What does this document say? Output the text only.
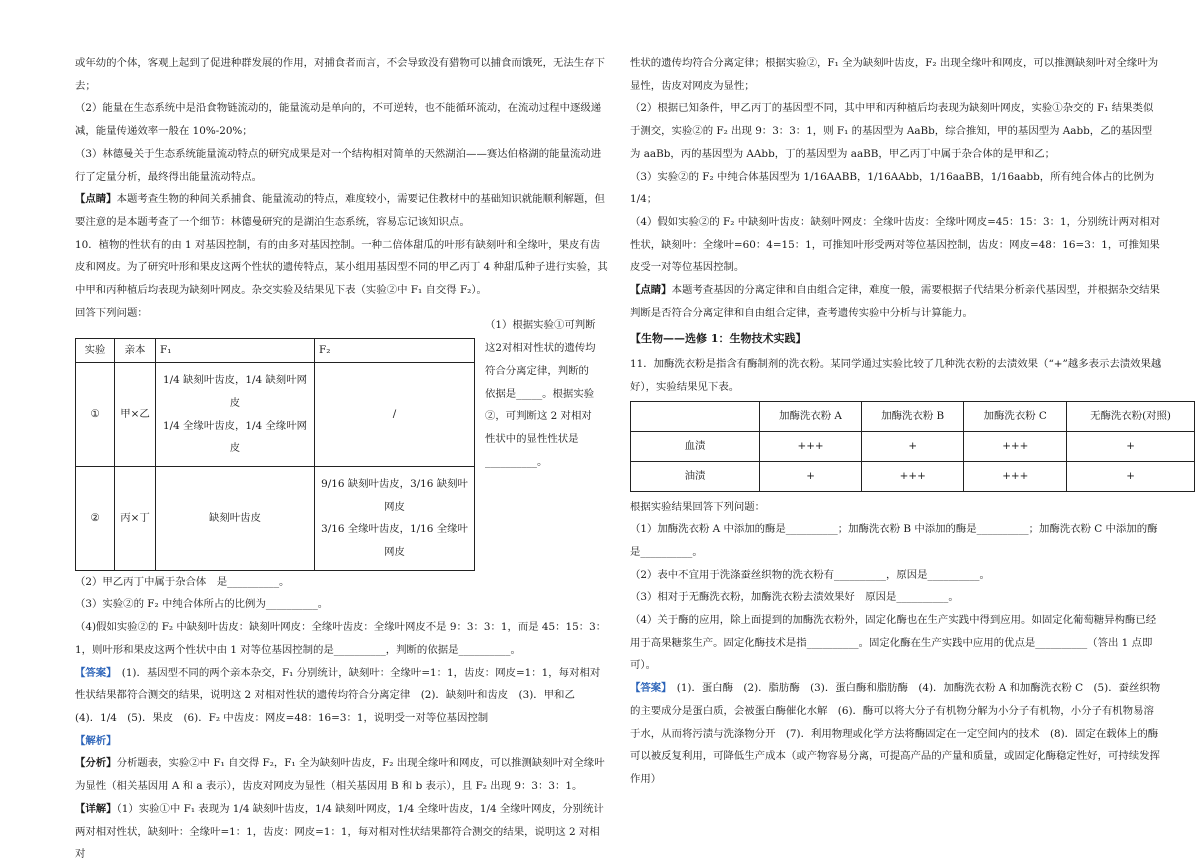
或年幼的个体，客观上起到了促进种群发展的作用，对捕食者而言，不会导致没有猎物可以捕食而饿死，无法生存下去；

（2）能量在生态系统中是沿食物链流动的，能量流动是单向的，不可逆转，也不能循环流动，在流动过程中逐级递减，能量传递效率一般在 10%-20%；

（3）林德曼关于生态系统能量流动特点的研究成果是对一个结构相对简单的天然湖泊——赛达伯格湖的能量流动进行了定量分析，最终得出能量流动特点。

【点睛】本题考查生物的种间关系捕食、能量流动的特点，难度较小，需要记住教材中的基础知识就能顺利解题，但要注意的是本题考查了一个细节：林德曼研究的是湖泊生态系统，容易忘记该知识点。

10．植物的性状有的由 1 对基因控制，有的由多对基因控制。一种二倍体甜瓜的叶形有缺刻叶和全缘叶，果皮有齿皮和网皮。为了研究叶形和果皮这两个性状的遗传特点，某小组用基因型不同的甲乙丙丁 4 种甜瓜种子进行实验，其中甲和丙种植后均表现为缺刻叶网皮。杂交实验及结果见下表（实验②中 F₁ 自交得 F₂）。

回答下列问题：

实验	亲本	F₁	F₂
①	甲×乙	1/4 缺刻叶齿皮，1/4 缺刻叶网皮
1/4 全缘叶齿皮，1/4 全缘叶网皮	/
②	丙×丁	缺刻叶齿皮	9/16 缺刻叶齿皮，3/16 缺刻叶网皮
3/16 全缘叶齿皮，1/16 全缘叶网皮
（1）根据实验①可判断这2对相对性状的遗传均符合分离定律，判断的依据是_____。根据实验②，可判断这 2 对相对性状中的显性性状是__________。

（2）甲乙丙丁中属于杂合体　是__________。

（3）实验②的 F₂ 中纯合体所占的比例为__________。

（4)假如实验②的 F₂ 中缺刻叶齿皮：缺刻叶网皮：全缘叶齿皮：全缘叶网皮不是 9：3：3：1，而是 45：15：3：1，则叶形和果皮这两个性状中由 1 对等位基因控制的是__________，判断的依据是__________。

【答案】　(1)．基因型不同的两个亲本杂交，F₁ 分别统计，缺刻叶：全缘叶=1：1，齿皮：网皮=1：1，每对相对性状结果都符合测交的结果，说明这 2 对相对性状的遗传均符合分离定律　(2)．缺刻叶和齿皮　(3)．甲和乙　(4)．1/4　(5)．果皮　(6)．F₂ 中齿皮：网皮=48：16=3：1，说明受一对等位基因控制

【解析】

【分析】分析题表，实验②中 F₁ 自交得 F₂，F₁ 全为缺刻叶齿皮，F₂ 出现全缘叶和网皮，可以推测缺刻叶对全缘叶为显性（相关基因用 A 和 a 表示），齿皮对网皮为显性（相关基因用 B 和 b 表示），且 F₂ 出现 9：3：3：1。

【详解】（1）实验①中 F₁ 表现为 1/4 缺刻叶齿皮，1/4 缺刻叶网皮，1/4 全缘叶齿皮，1/4 全缘叶网皮，分别统计两对相对性状，缺刻叶：全缘叶=1：1，齿皮：网皮=1：1，每对相对性状结果都符合测交的结果，说明这 2 对相对

性状的遗传均符合分离定律；根据实验②，F₁ 全为缺刻叶齿皮，F₂ 出现全缘叶和网皮，可以推测缺刻叶对全缘叶为显性，齿皮对网皮为显性；

（2）根据已知条件，甲乙丙丁的基因型不同，其中甲和丙种植后均表现为缺刻叶网皮，实验①杂交的 F₁ 结果类似于测交，实验②的 F₂ 出现 9：3：3：1，则 F₁ 的基因型为 AaBb，综合推知，甲的基因型为 Aabb，乙的基因型为 aaBb，丙的基因型为 AAbb，丁的基因型为 aaBB，甲乙丙丁中属于杂合体的是甲和乙；

（3）实验②的 F₂ 中纯合体基因型为 1/16AABB，1/16AAbb，1/16aaBB，1/16aabb，所有纯合体占的比例为 1/4；

（4）假如实验②的 F₂ 中缺刻叶齿皮：缺刻叶网皮：全缘叶齿皮：全缘叶网皮=45：15：3：1，分别统计两对相对性状，缺刻叶：全缘叶=60：4=15：1，可推知叶形受两对等位基因控制，齿皮：网皮=48：16=3：1，可推知果皮受一对等位基因控制。

【点睛】本题考查基因的分离定律和自由组合定律，难度一般，需要根据子代结果分析亲代基因型，并根据杂交结果判断是否符合分离定律和自由组合定律，查考遗传实验中分析与计算能力。

【生物——选修 1：生物技术实践】

11．加酶洗衣粉是指含有酶制剂的洗衣粉。某同学通过实验比较了几种洗衣粉的去渍效果（“+”越多表示去渍效果越好），实验结果见下表。

	加酶洗衣粉 A	加酶洗衣粉 B	加酶洗衣粉 C	无酶洗衣粉(对照)
血渍	+++	+	+++	+
油渍	+	+++	+++	+

根据实验结果回答下列问题：

（1）加酶洗衣粉 A 中添加的酶是__________；加酶洗衣粉 B 中添加的酶是__________；加酶洗衣粉 C 中添加的酶是__________。

（2）表中不宜用于洗涤蚕丝织物的洗衣粉有__________，原因是__________。

（3）相对于无酶洗衣粉，加酶洗衣粉去渍效果好　原因是__________。

（4）关于酶的应用，除上面提到的加酶洗衣粉外，固定化酶也在生产实践中得到应用。如固定化葡萄糖异构酶已经用于高果糖浆生产。固定化酶技术是指__________。固定化酶在生产实践中应用的优点是__________（答出 1 点即可）。

【答案】　(1)．蛋白酶　(2)．脂肪酶　(3)．蛋白酶和脂肪酶　(4)．加酶洗衣粉 A 和加酶洗衣粉 C　(5)．蚕丝织物的主要成分是蛋白质，会被蛋白酶催化水解　(6)．酶可以将大分子有机物分解为小分子有机物，小分子有机物易溶于水，从而将污渍与洗涤物分开　(7)．利用物理或化学方法将酶固定在一定空间内的技术　(8)．固定在载体上的酶可以被反复利用，可降低生产成本（或产物容易分离，可提高产品的产量和质量，或固定化酶稳定性好，可持续发挥作用）
